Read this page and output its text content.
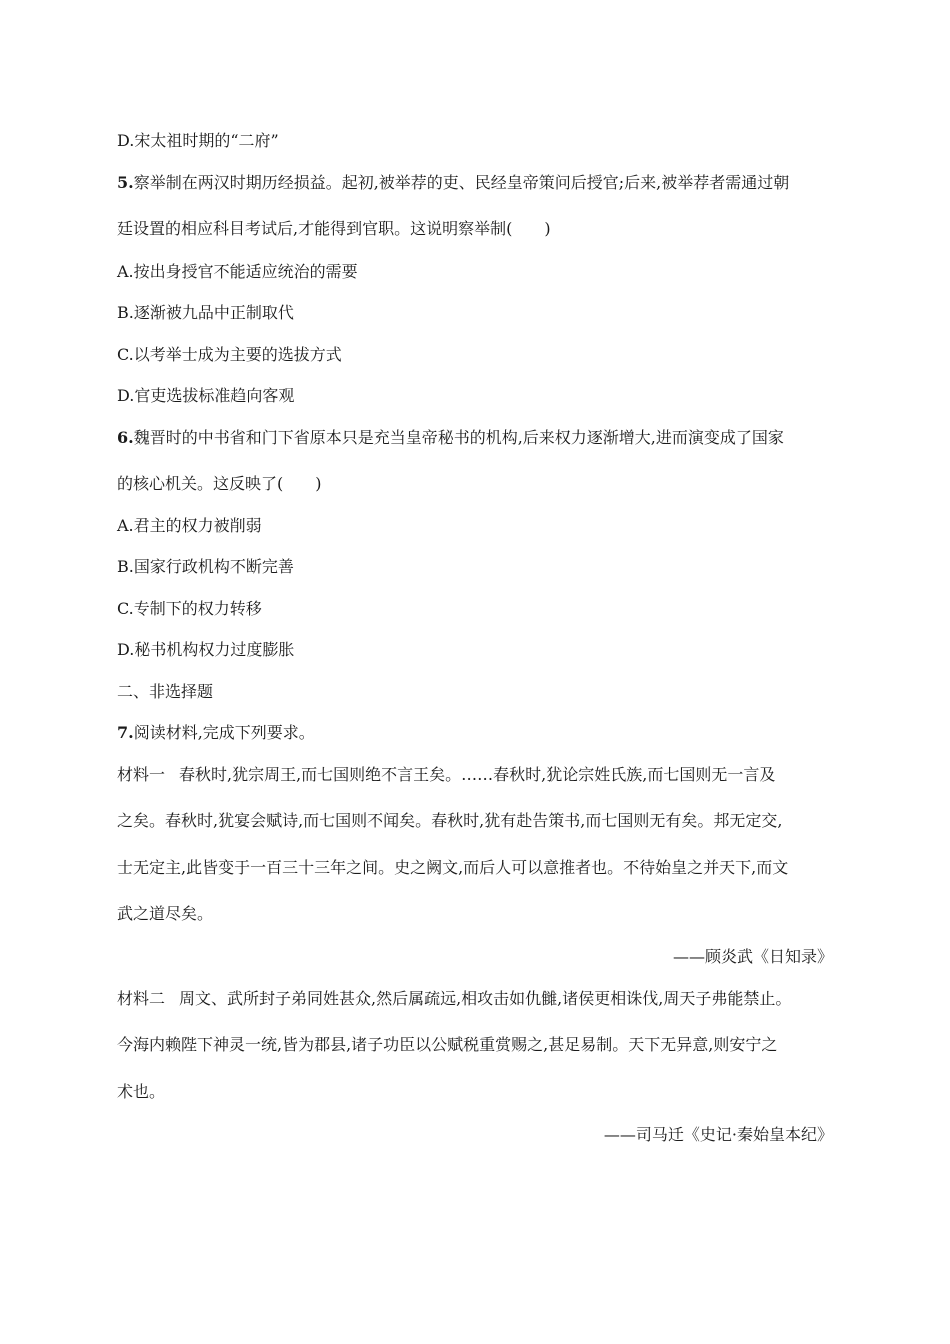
D.宋太祖时期的“二府”
5.察举制在两汉时期历经损益。起初,被举荐的吏、民经皇帝策问后授官;后来,被举荐者需通过朝
廷设置的相应科目考试后,才能得到官职。这说明察举制(　　)
A.按出身授官不能适应统治的需要
B.逐渐被九品中正制取代
C.以考举士成为主要的选拔方式
D.官吏选拔标准趋向客观
6.魏晋时的中书省和门下省原本只是充当皇帝秘书的机构,后来权力逐渐增大,进而演变成了国家
的核心机关。这反映了(　　)
A.君主的权力被削弱
B.国家行政机构不断完善
C.专制下的权力转移
D.秘书机构权力过度膨胀
二、非选择题
7.阅读材料,完成下列要求。
材料一 春秋时,犹宗周王,而七国则绝不言王矣。……春秋时,犹论宗姓氏族,而七国则无一言及
之矣。春秋时,犹宴会赋诗,而七国则不闻矣。春秋时,犹有赴告策书,而七国则无有矣。邦无定交,
士无定主,此皆变于一百三十三年之间。史之阙文,而后人可以意推者也。不待始皇之并天下,而文
武之道尽矣。
——顾炎武《日知录》
材料二 周文、武所封子弟同姓甚众,然后属疏远,相攻击如仇雠,诸侯更相诛伐,周天子弗能禁止。
今海内赖陛下神灵一统,皆为郡县,诸子功臣以公赋税重赏赐之,甚足易制。天下无异意,则安宁之
术也。
——司马迁《史记·秦始皇本纪》
